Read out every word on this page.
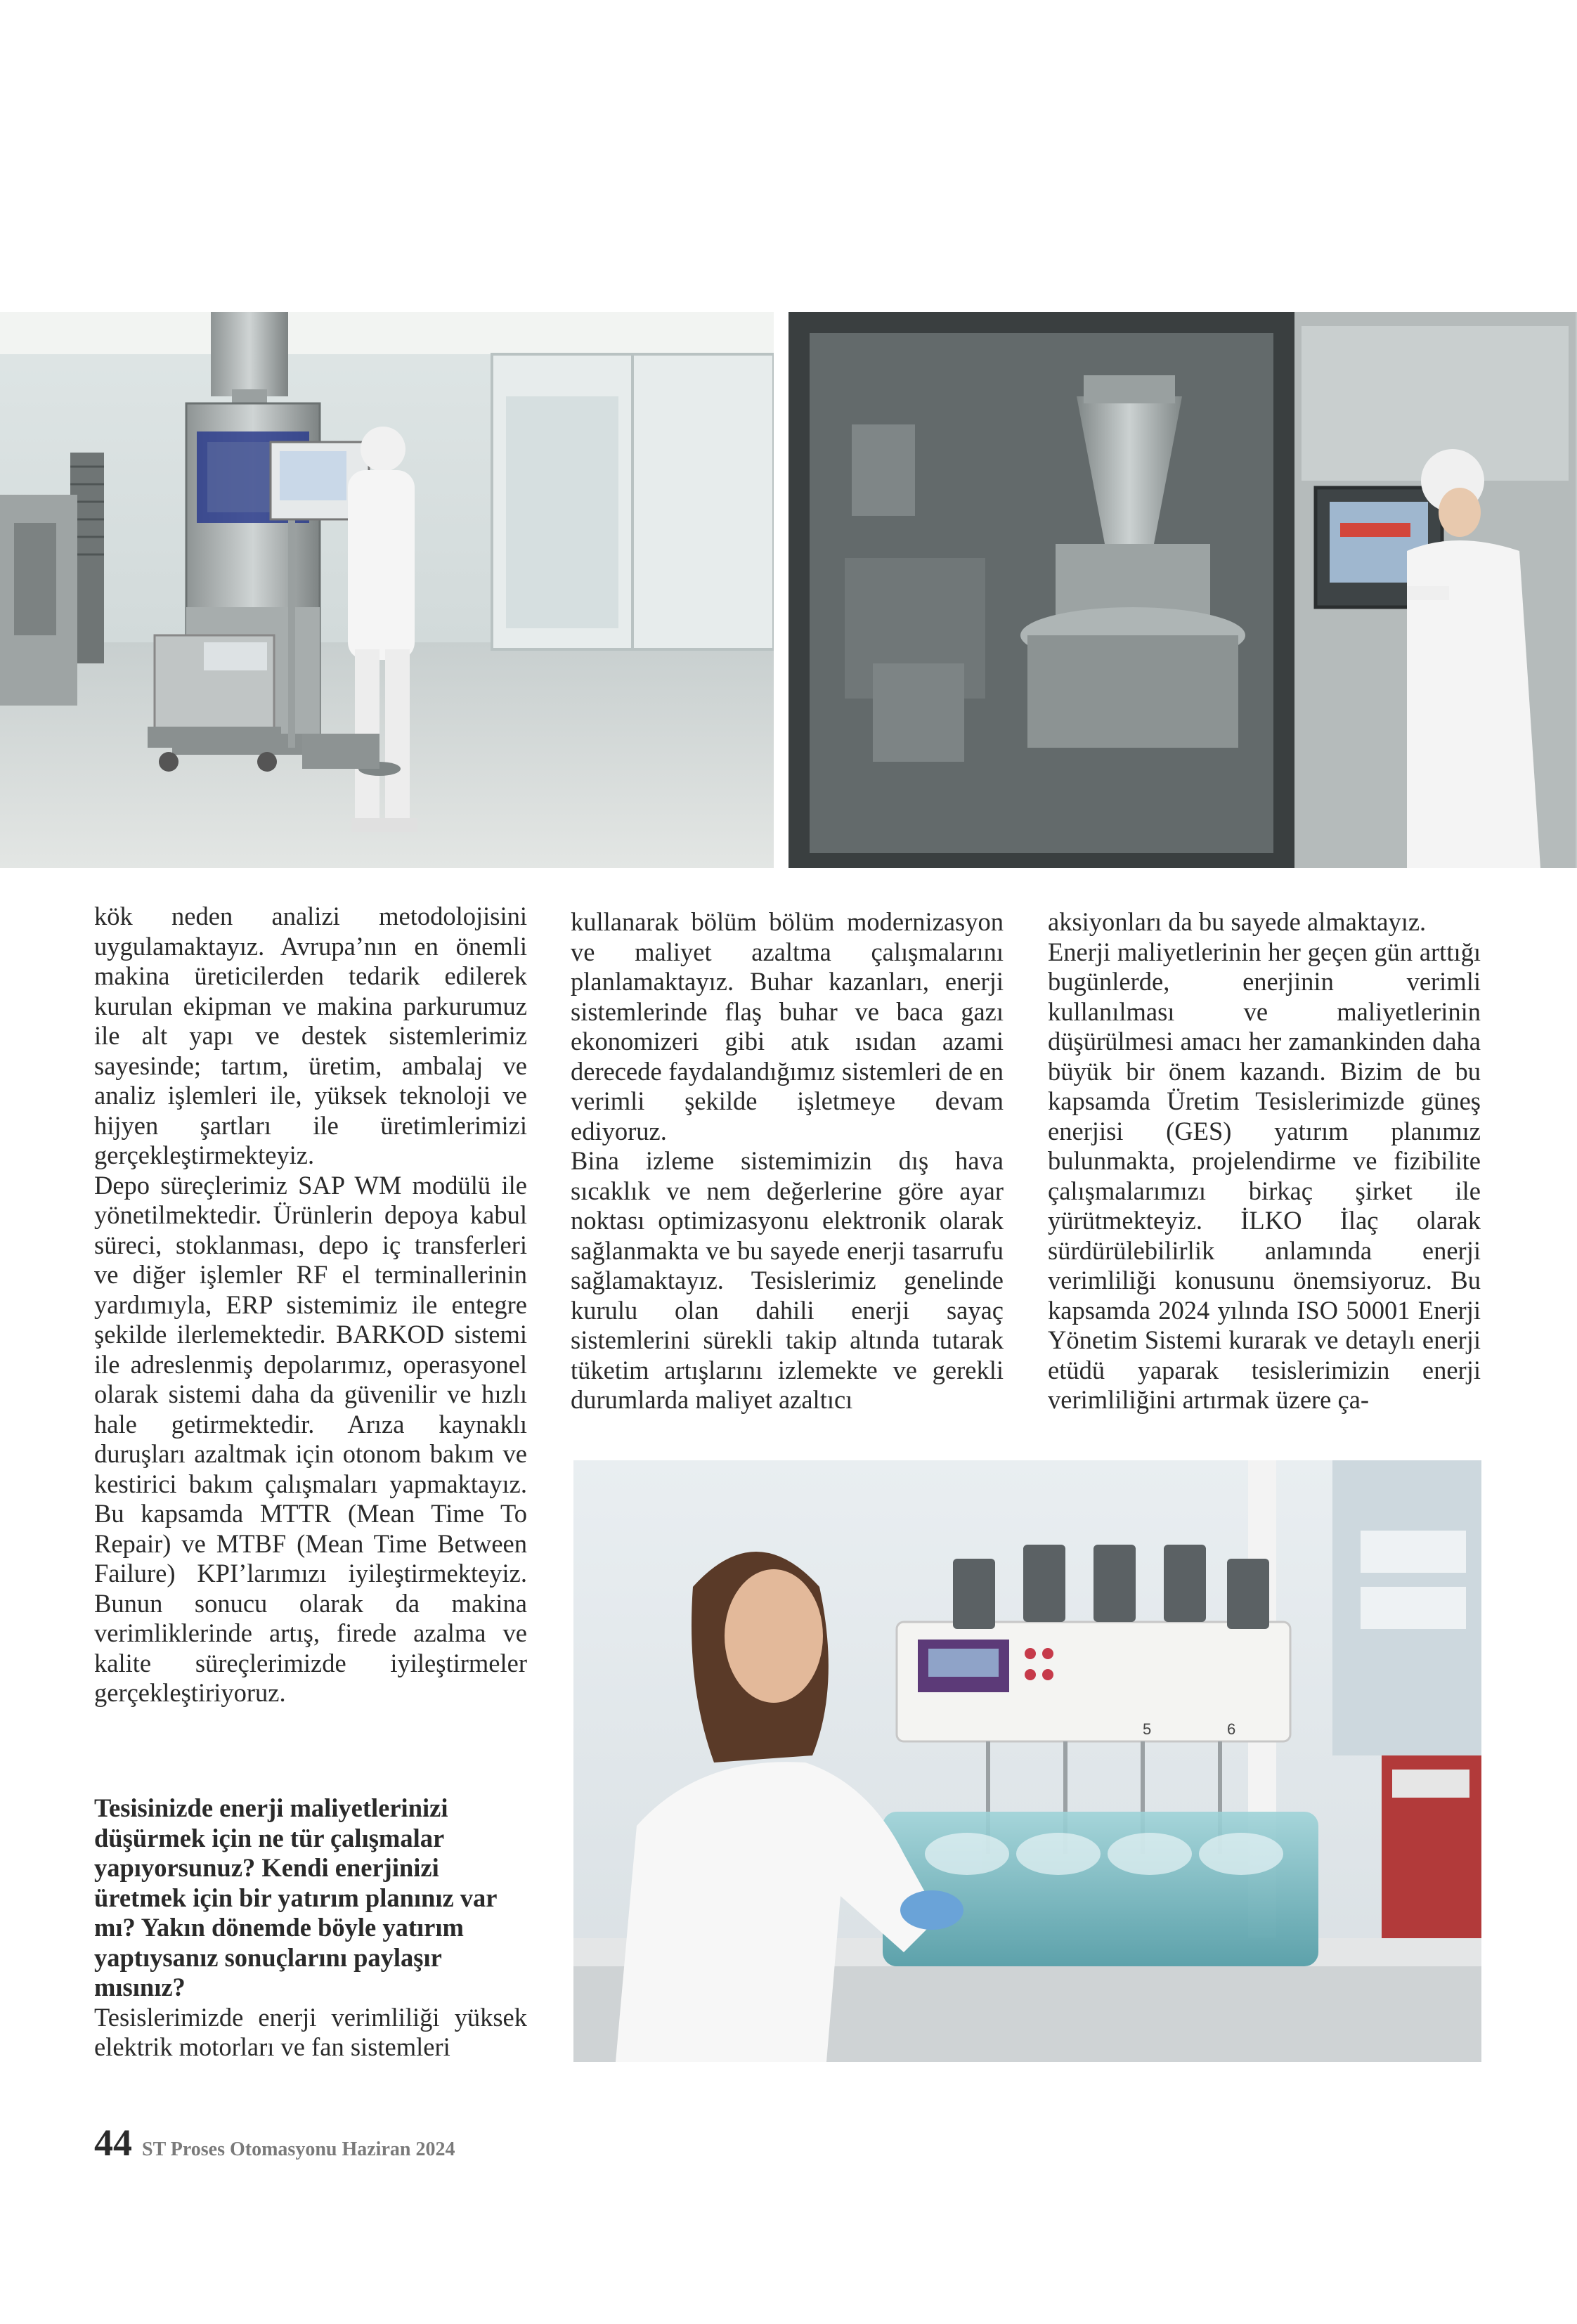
kök neden analizi metodolojisini uygulamaktayız. Avrupa’nın en önemli makina üreticilerden tedarik edilerek kurulan ekipman ve makina parkurumuz ile alt yapı ve destek sistemlerimiz sayesinde; tartım, üretim, ambalaj ve analiz işlemleri ile, yüksek teknoloji ve hijyen şartları ile üretimlerimizi gerçekleştirmekteyiz.

Depo süreçlerimiz SAP WM modülü ile yönetilmektedir. Ürünlerin depoya kabul süreci, stoklanması, depo iç transferleri ve diğer işlemler RF el terminallerinin yardımıyla, ERP sistemimiz ile entegre şekilde ilerlemektedir. BARKOD sistemi ile adreslenmiş depolarımız, operasyonel olarak sistemi daha da güvenilir ve hızlı hale getirmektedir. Arıza kaynaklı duruşları azaltmak için otonom bakım ve kestirici bakım çalışmaları yapmaktayız. Bu kapsamda MTTR (Mean Time To Repair) ve MTBF (Mean Time Between Failure) KPI’larımızı iyileştirmekteyiz. Bunun sonucu olarak da makina verimliklerinde artış, firede azalma ve kalite süreçlerimizde iyileştirmeler gerçekleştiriyoruz.

kullanarak bölüm bölüm modernizasyon ve maliyet azaltma çalışmalarını planlamaktayız. Buhar kazanları, enerji sistemlerinde flaş buhar ve baca gazı ekonomizeri gibi atık ısıdan azami derecede faydalandığımız sistemleri de en verimli şekilde işletmeye devam ediyoruz.

Bina izleme sistemimizin dış hava sıcaklık ve nem değerlerine göre ayar noktası optimizasyonu elektronik olarak sağlanmakta ve bu sayede enerji tasarrufu sağlamaktayız. Tesislerimiz genelinde kurulu olan dahili enerji sayaç sistemlerini sürekli takip altında tutarak tüketim artışlarını izlemekte ve gerekli durumlarda maliyet azaltıcı

aksiyonları da bu sayede almaktayız.

Enerji maliyetlerinin her geçen gün arttığı bugünlerde, enerjinin verimli kullanılması ve maliyetlerinin düşürülmesi amacı her zamankinden daha büyük bir önem kazandı. Bizim de bu kapsamda Üretim Tesislerimizde güneş enerjisi (GES) yatırım planımız bulunmakta, projelendirme ve fizibilite çalışmalarımızı birkaç şirket ile yürütmekteyiz. İLKO İlaç olarak sürdürülebilirlik anlamında enerji verimliliği konusunu önemsiyoruz. Bu kapsamda 2024 yılında ISO 50001 Enerji Yönetim Sistemi kurarak ve detaylı enerji etüdü yaparak tesislerimizin enerji verimliliğini artırmak üzere ça-

5	6

Tesisinizde enerji maliyetlerinizi düşürmek için ne tür çalışmalar yapıyorsunuz? Kendi enerjinizi üretmek için bir yatırım planınız var mı? Yakın dönemde böyle yatırım yaptıysanız sonuçlarını paylaşır mısınız?

Tesislerimizde enerji verimliliği yüksek elektrik motorları ve fan sistemleri

44 ST Proses Otomasyonu Haziran 2024
